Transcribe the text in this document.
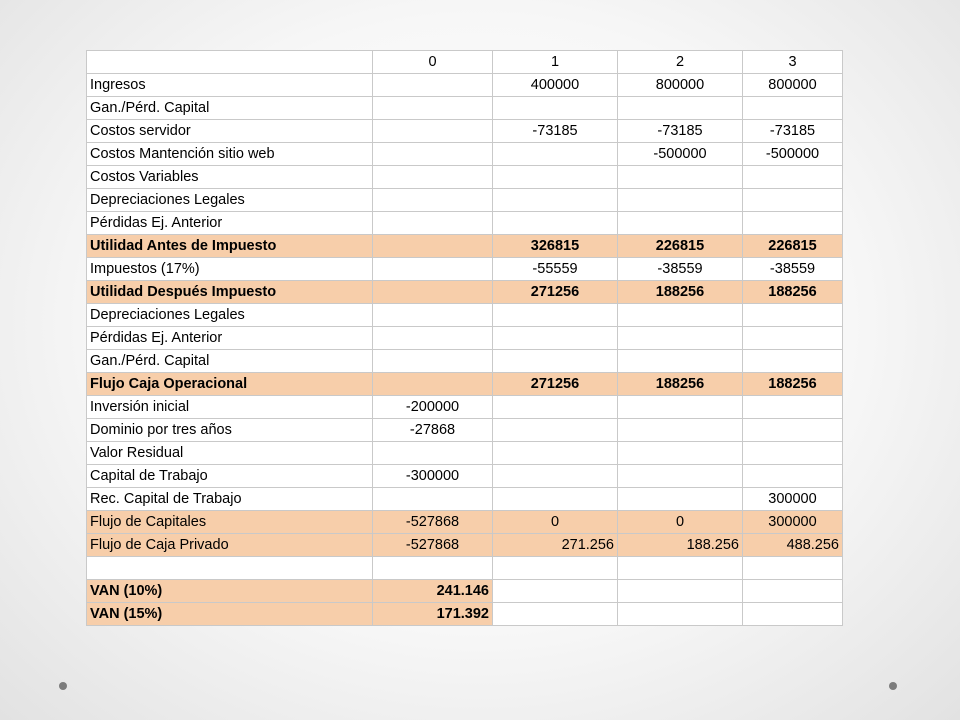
	0	1	2	3
Ingresos		400000	800000	800000
Gan./Pérd. Capital				
Costos servidor		-73185	-73185	-73185
Costos Mantención sitio web			-500000	-500000
Costos Variables				
Depreciaciones Legales				
Pérdidas Ej. Anterior				
Utilidad Antes de Impuesto		326815	226815	226815
Impuestos (17%)		-55559	-38559	-38559
Utilidad Después Impuesto		271256	188256	188256
Depreciaciones Legales				
Pérdidas Ej. Anterior				
Gan./Pérd. Capital				
Flujo Caja Operacional		271256	188256	188256
Inversión inicial	-200000			
Dominio por tres años	-27868			
Valor Residual				
Capital de Trabajo	-300000			
Rec. Capital de Trabajo				300000
Flujo de Capitales	-527868	0	0	300000
Flujo de Caja Privado	-527868	271.256	188.256	488.256

VAN (10%)	241.146			
VAN (15%)	171.392			
